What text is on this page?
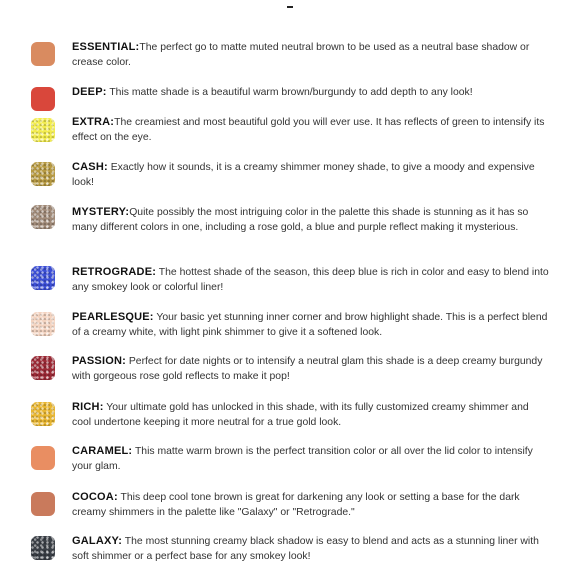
ESSENTIAL:The perfect go to matte muted neutral brown to be used as a neutral base shadow or crease color.
DEEP: This matte shade is a beautiful warm brown/burgundy to add depth to any look!
EXTRA:The creamiest and most beautiful gold you will ever use. It has reflects of green to intensify its effect on the eye.
CASH: Exactly how it sounds, it is a creamy shimmer money shade, to give a moody and expensive look!
MYSTERY:Quite possibly the most intriguing color in the palette this shade is stunning as it has so many different colors in one, including a rose gold, a blue and purple reflect making it mysterious.
RETROGRADE: The hottest shade of the season, this deep blue is rich in color and easy to blend into any smokey look or colorful liner!
PEARLESQUE: Your basic yet stunning inner corner and brow highlight shade. This is a perfect blend of a creamy white, with light pink shimmer to give it a softened look.
PASSION: Perfect for date nights or to intensify a neutral glam this shade is a deep creamy burgundy with gorgeous rose gold reflects to make it pop!
RICH: Your ultimate gold has unlocked in this shade, with its fully customized creamy shimmer and cool undertone keeping it more neutral for a true gold look.
CARAMEL: This matte warm brown is the perfect transition color or all over the lid color to intensify your glam.
COCOA: This deep cool tone brown is great for darkening any look or setting a base for the dark creamy shimmers in the palette like "Galaxy" or "Retrograde."
GALAXY: The most stunning creamy black shadow is easy to blend and acts as a stunning liner with soft shimmer or a perfect base for any smokey look!
